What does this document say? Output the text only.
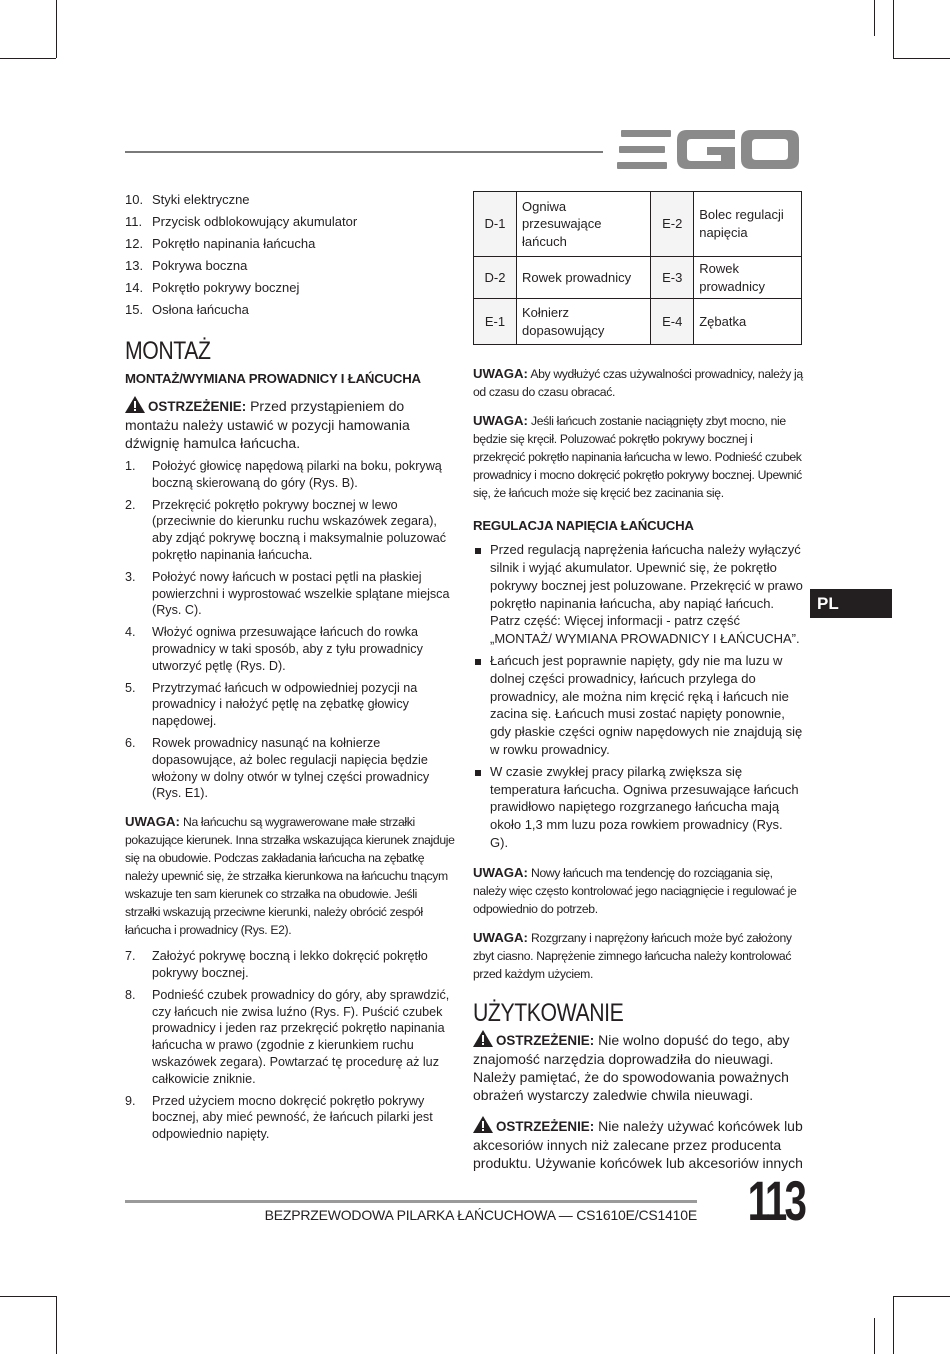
10. Styki elektryczne
11. Przycisk odblokowujący akumulator
12. Pokrętło napinania łańcucha
13. Pokrywa boczna
14. Pokrętło pokrywy bocznej
15. Osłona łańcucha
MONTAŻ
MONTAŻ/WYMIANA PROWADNICY I ŁAŃCUCHA

OSTRZEŻENIE: Przed przystąpieniem do montażu należy ustawić w pozycji hamowania dźwignię hamulca łańcucha.

1.	Położyć głowicę napędową pilarki na boku, pokrywą boczną skierowaną do góry (Rys. B).
2.	Przekręcić pokrętło pokrywy bocznej w lewo (przeciwnie do kierunku ruchu wskazówek zegara), aby zdjąć pokrywę boczną i maksymalnie poluzować pokrętło napinania łańcucha.
3.	Położyć nowy łańcuch w postaci pętli na płaskiej powierzchni i wyprostować wszelkie splątane miejsca (Rys. C).
4.	Włożyć ogniwa przesuwające łańcuch do rowka prowadnicy w taki sposób, aby z tyłu prowadnicy utworzyć pętlę (Rys. D).
5.	Przytrzymać łańcuch w odpowiedniej pozycji na prowadnicy i nałożyć pętlę na zębatkę głowicy napędowej.
6.	Rowek prowadnicy nasunąć na kołnierze dopasowujące, aż bolec regulacji napięcia będzie włożony w dolny otwór w tylnej części prowadnicy (Rys. E1).

UWAGA: Na łańcuchu są wygrawerowane małe strzałki pokazujące kierunek. Inna strzałka wskazująca kierunek znajduje się na obudowie. Podczas zakładania łańcucha na zębatkę należy upewnić się, że strzałka kierunkowa na łańcuchu tnącym wskazuje ten sam kierunek co strzałka na obudowie. Jeśli strzałki wskazują przeciwne kierunki, należy obrócić zespół łańcucha i prowadnicy (Rys. E2).

7.	Założyć pokrywę boczną i lekko dokręcić pokrętło pokrywy bocznej.
8.	Podnieść czubek prowadnicy do góry, aby sprawdzić, czy łańcuch nie zwisa luźno (Rys. F). Puścić czubek prowadnicy i jeden raz przekręcić pokrętło napinania łańcucha w prawo (zgodnie z kierunkiem ruchu wskazówek zegara). Powtarzać tę procedurę aż luz całkowicie zniknie.
9.	Przed użyciem mocno dokręcić pokrętło pokrywy bocznej, aby mieć pewność, że łańcuch pilarki jest odpowiednio napięty.
D-1	Ogniwa przesuwające łańcuch	E-2	Bolec regulacji napięcia
D-2	Rowek prowadnicy	E-3	Rowek prowadnicy
E-1	Kołnierz dopasowujący	E-4	Zębatka

UWAGA: Aby wydłużyć czas używalności prowadnicy, należy ją od czasu do czasu obracać.

UWAGA: Jeśli łańcuch zostanie naciągnięty zbyt mocno, nie będzie się kręcił. Poluzować pokrętło pokrywy bocznej i przekręcić pokrętło napinania łańcucha w lewo. Podnieść czubek prowadnicy i mocno dokręcić pokrętło pokrywy bocznej. Upewnić się, że łańcuch może się kręcić bez zacinania się.

REGULACJA NAPIĘCIA ŁAŃCUCHA
Przed regulacją naprężenia łańcucha należy wyłączyć silnik i wyjąć akumulator. Upewnić się, że pokrętło pokrywy bocznej jest poluzowane. Przekręcić w prawo pokrętło napinania łańcucha, aby napiąć łańcuch. Patrz część: Więcej informacji - patrz część „MONTAŻ/ WYMIANA PROWADNICY I ŁAŃCUCHA”.
Łańcuch jest poprawnie napięty, gdy nie ma luzu w dolnej części prowadnicy, łańcuch przylega do prowadnicy, ale można nim kręcić ręką i łańcuch nie zacina się. Łańcuch musi zostać napięty ponownie, gdy płaskie części ogniw napędowych nie znajdują się w rowku prowadnicy.
W czasie zwykłej pracy pilarką zwiększa się temperatura łańcucha. Ogniwa przesuwające łańcuch prawidłowo napiętego rozgrzanego łańcucha mają około 1,3 mm luzu poza rowkiem prowadnicy (Rys. G).

UWAGA: Nowy łańcuch ma tendencję do rozciągania się, należy więc często kontrolować jego naciągnięcie i regulować je odpowiednio do potrzeb.

UWAGA: Rozgrzany i naprężony łańcuch może być założony zbyt ciasno. Naprężenie zimnego łańcucha należy kontrolować przed każdym użyciem.

UŻYTKOWANIE

OSTRZEŻENIE: Nie wolno dopuść do tego, aby znajomość narzędzia doprowadziła do nieuwagi. Należy pamiętać, że do spowodowania poważnych obrażeń wystarczy zaledwie chwila nieuwagi.

OSTRZEŻENIE: Nie należy używać końcówek lub akcesoriów innych niż zalecane przez producenta produktu. Używanie końcówek lub akcesoriów innych

PL
BEZPRZEWODOWA PILARKA ŁAŃCUCHOWA — CS1610E/CS1410E 113
